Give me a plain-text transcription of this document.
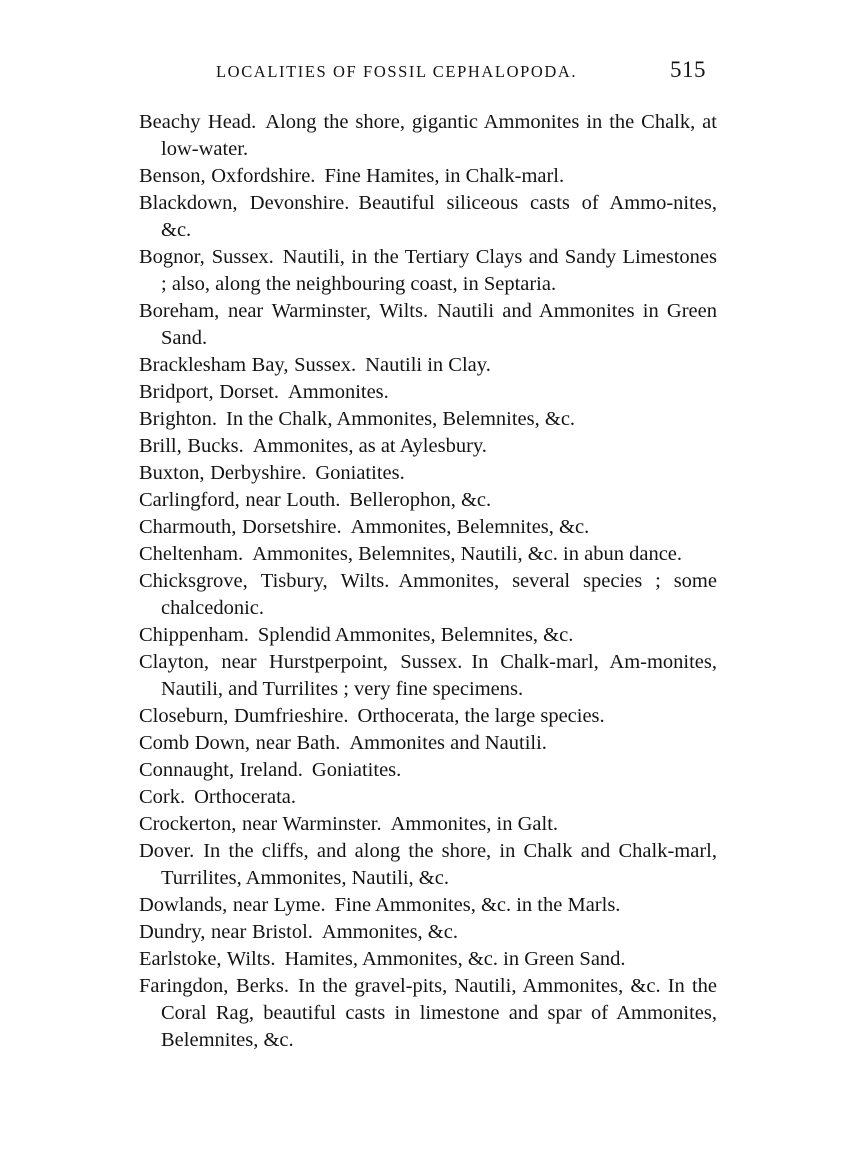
LOCALITIES OF FOSSIL CEPHALOPODA.	515
Beachy Head. Along the shore, gigantic Ammonites in the Chalk, at low-water.
Benson, Oxfordshire. Fine Hamites, in Chalk-marl.
Blackdown, Devonshire. Beautiful siliceous casts of Ammo-nites, &c.
Bognor, Sussex. Nautili, in the Tertiary Clays and Sandy Limestones ; also, along the neighbouring coast, in Septaria.
Boreham, near Warminster, Wilts. Nautili and Ammonites in Green Sand.
Bracklesham Bay, Sussex. Nautili in Clay.
Bridport, Dorset. Ammonites.
Brighton. In the Chalk, Ammonites, Belemnites, &c.
Brill, Bucks. Ammonites, as at Aylesbury.
Buxton, Derbyshire. Goniatites.
Carlingford, near Louth. Bellerophon, &c.
Charmouth, Dorsetshire. Ammonites, Belemnites, &c.
Cheltenham. Ammonites, Belemnites, Nautili, &c. in abun dance.
Chicksgrove, Tisbury, Wilts. Ammonites, several species ; some chalcedonic.
Chippenham. Splendid Ammonites, Belemnites, &c.
Clayton, near Hurstperpoint, Sussex. In Chalk-marl, Am-monites, Nautili, and Turrilites ; very fine specimens.
Closeburn, Dumfrieshire. Orthocerata, the large species.
Comb Down, near Bath. Ammonites and Nautili.
Connaught, Ireland. Goniatites.
Cork. Orthocerata.
Crockerton, near Warminster. Ammonites, in Galt.
Dover. In the cliffs, and along the shore, in Chalk and Chalk-marl, Turrilites, Ammonites, Nautili, &c.
Dowlands, near Lyme. Fine Ammonites, &c. in the Marls.
Dundry, near Bristol. Ammonites, &c.
Earlstoke, Wilts. Hamites, Ammonites, &c. in Green Sand.
Faringdon, Berks. In the gravel-pits, Nautili, Ammonites, &c. In the Coral Rag, beautiful casts in limestone and spar of Ammonites, Belemnites, &c.
